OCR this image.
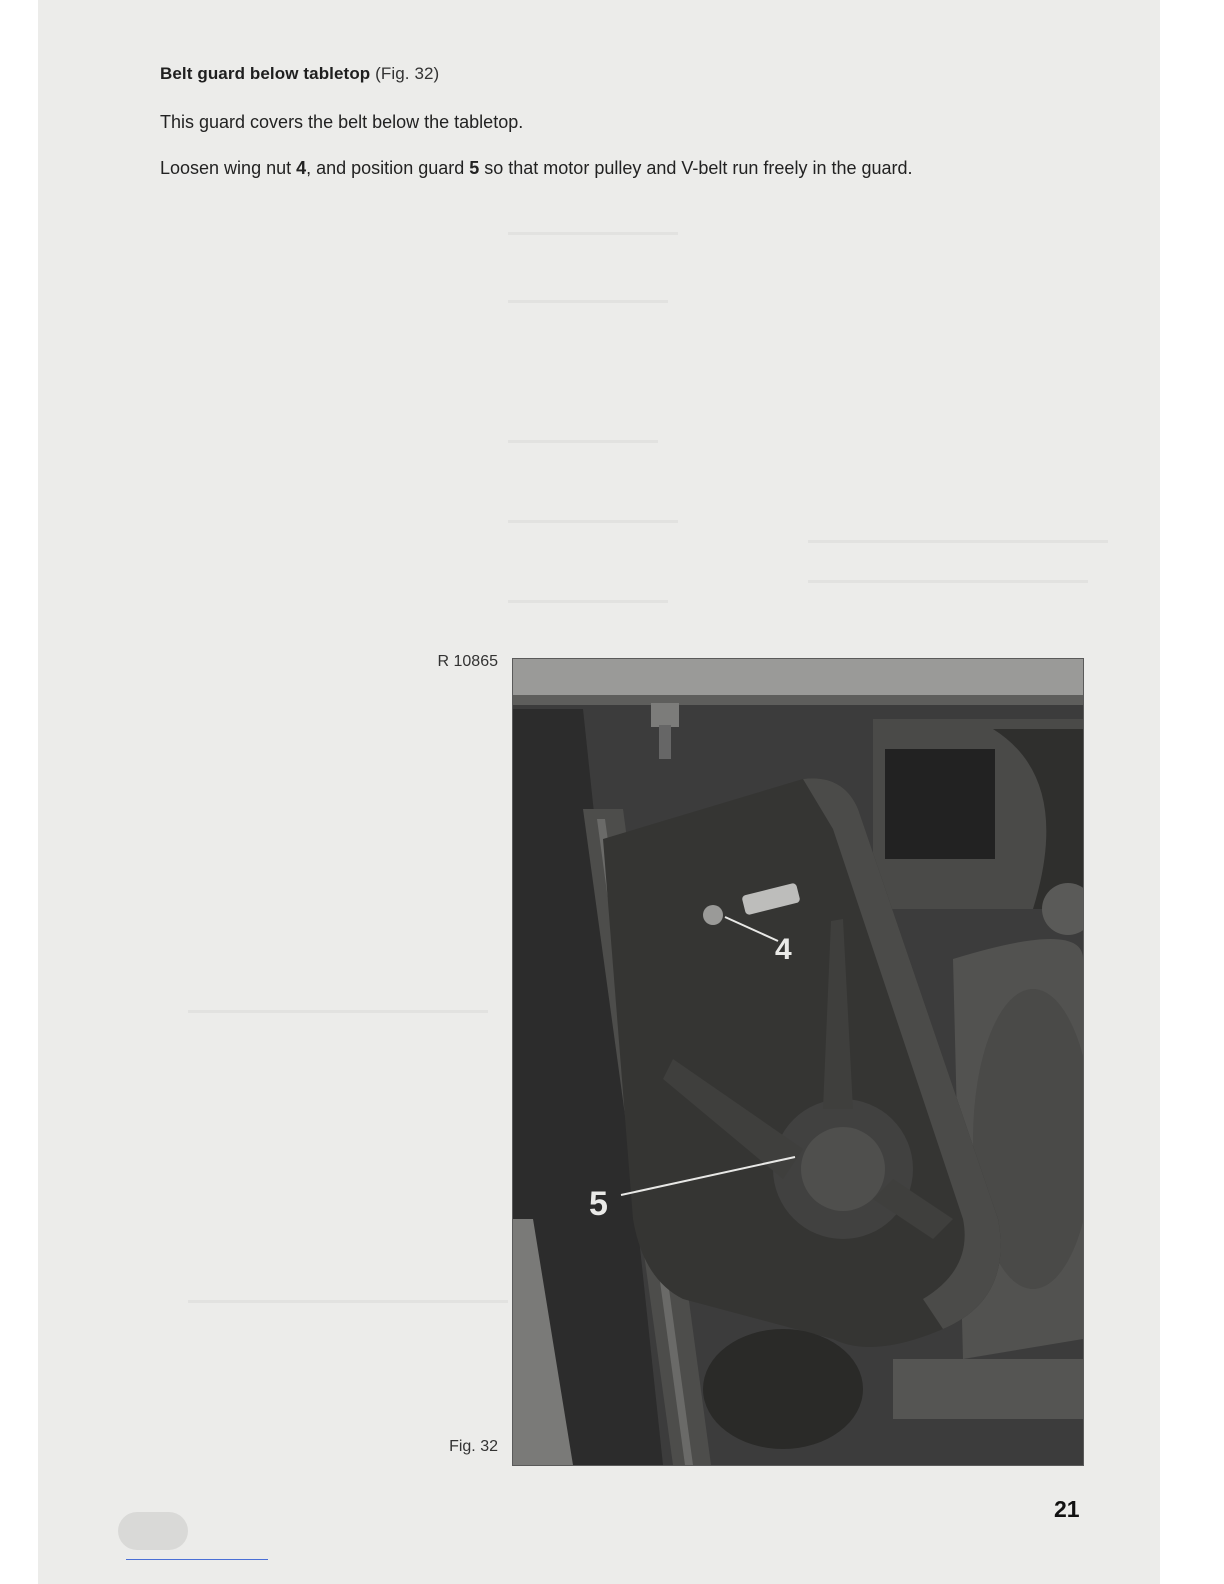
Belt guard below tabletop (Fig. 32)
This guard covers the belt below the tabletop.
Loosen wing nut 4, and position guard 5 so that motor pulley and V-belt run freely in the guard.
R 10865
4
5
Fig. 32
21
